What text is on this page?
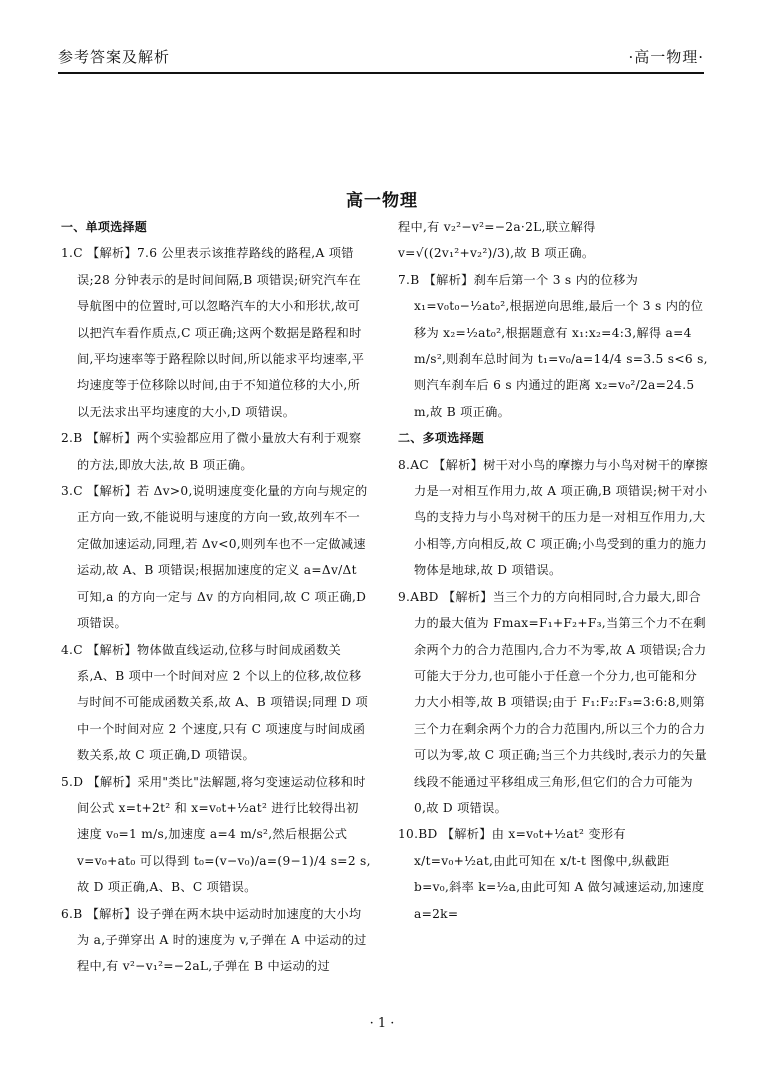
参考答案及解析	·高一物理·
高一物理
一、单项选择题

1.C 【解析】7.6 公里表示该推荐路线的路程,A 项错误;28 分钟表示的是时间间隔,B 项错误;研究汽车在导航图中的位置时,可以忽略汽车的大小和形状,故可以把汽车看作质点,C 项正确;这两个数据是路程和时间,平均速率等于路程除以时间,所以能求平均速率,平均速度等于位移除以时间,由于不知道位移的大小,所以无法求出平均速度的大小,D 项错误。

2.B 【解析】两个实验都应用了微小量放大有利于观察的方法,即放大法,故 B 项正确。

3.C 【解析】若 Δv>0,说明速度变化量的方向与规定的正方向一致,不能说明与速度的方向一致,故列车不一定做加速运动,同理,若 Δv<0,则列车也不一定做减速运动,故 A、B 项错误;根据加速度的定义 a=Δv/Δt 可知,a 的方向一定与 Δv 的方向相同,故 C 项正确,D 项错误。

4.C 【解析】物体做直线运动,位移与时间成函数关系,A、B 项中一个时间对应 2 个以上的位移,故位移与时间不可能成函数关系,故 A、B 项错误;同理 D 项中一个时间对应 2 个速度,只有 C 项速度与时间成函数关系,故 C 项正确,D 项错误。

5.D 【解析】采用"类比"法解题,将匀变速运动位移和时间公式 x=t+2t² 和 x=v₀t+½at² 进行比较得出初速度 v₀=1 m/s,加速度 a=4 m/s²,然后根据公式 v=v₀+at₀ 可以得到 t₀=(v−v₀)/a=(9−1)/4 s=2 s,故 D 项正确,A、B、C 项错误。

6.B 【解析】设子弹在两木块中运动时加速度的大小均为 a,子弹穿出 A 时的速度为 v,子弹在 A 中运动的过程中,有 v²−v₁²=−2aL,子弹在 B 中运动的过

程中,有 v₂²−v²=−2a·2L,联立解得 v=√((2v₁²+v₂²)/3),故 B 项正确。

7.B 【解析】刹车后第一个 3 s 内的位移为 x₁=v₀t₀−½at₀²,根据逆向思维,最后一个 3 s 内的位移为 x₂=½at₀²,根据题意有 x₁:x₂=4:3,解得 a=4 m/s²,则刹车总时间为 t₁=v₀/a=14/4 s=3.5 s<6 s,则汽车刹车后 6 s 内通过的距离 x₂=v₀²/2a=24.5 m,故 B 项正确。

二、多项选择题

8.AC 【解析】树干对小鸟的摩擦力与小鸟对树干的摩擦力是一对相互作用力,故 A 项正确,B 项错误;树干对小鸟的支持力与小鸟对树干的压力是一对相互作用力,大小相等,方向相反,故 C 项正确;小鸟受到的重力的施力物体是地球,故 D 项错误。

9.ABD 【解析】当三个力的方向相同时,合力最大,即合力的最大值为 Fmax=F₁+F₂+F₃,当第三个力不在剩余两个力的合力范围内,合力不为零,故 A 项错误;合力可能大于分力,也可能小于任意一个分力,也可能和分力大小相等,故 B 项错误;由于 F₁:F₂:F₃=3:6:8,则第三个力在剩余两个力的合力范围内,所以三个力的合力可以为零,故 C 项正确;当三个力共线时,表示力的矢量线段不能通过平移组成三角形,但它们的合力可能为 0,故 D 项错误。

10.BD 【解析】由 x=v₀t+½at² 变形有 x/t=v₀+½at,由此可知在 x/t-t 图像中,纵截距 b=v₀,斜率 k=½a,由此可知 A 做匀减速运动,加速度 a=2k=

· 1 ·
